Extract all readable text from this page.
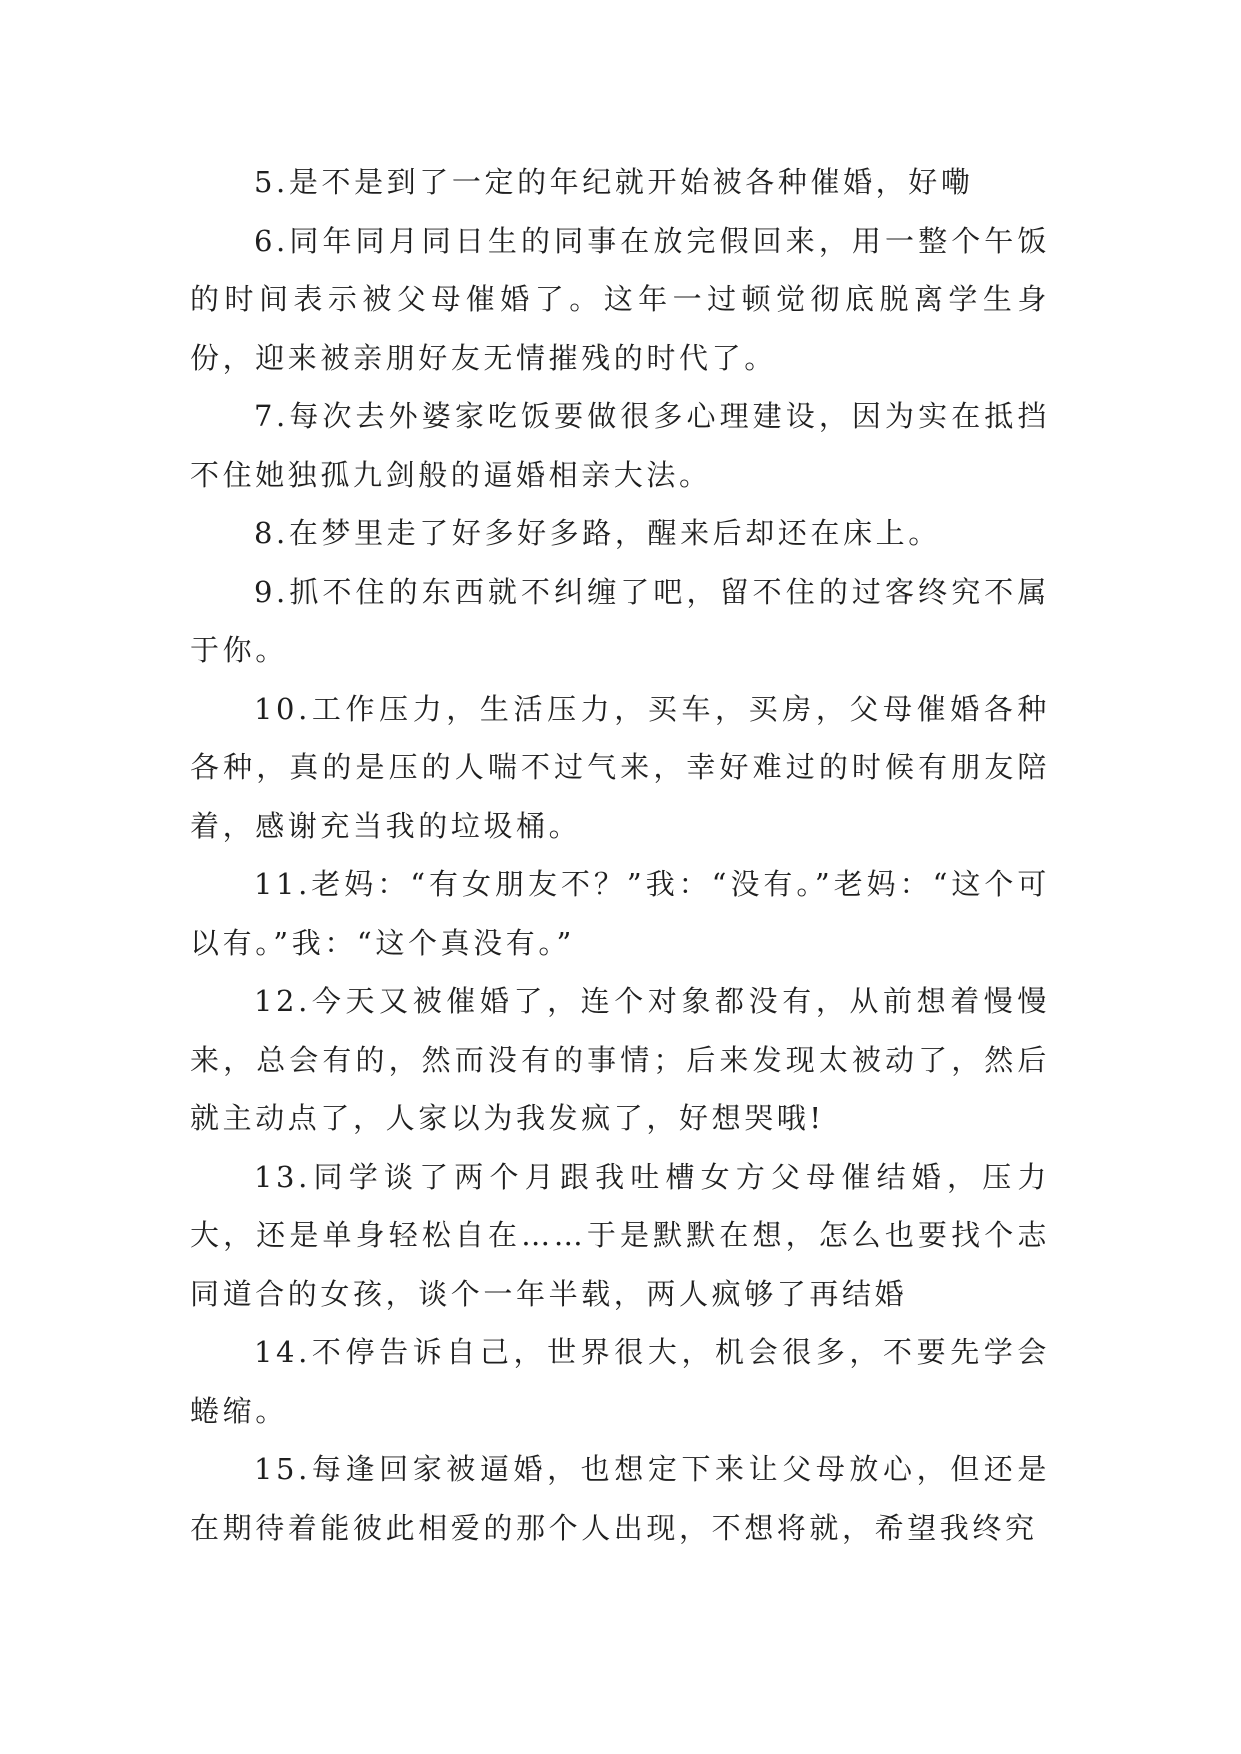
5.是不是到了一定的年纪就开始被各种催婚，好嘞

6.同年同月同日生的同事在放完假回来，用一整个午饭的时间表示被父母催婚了。这年一过顿觉彻底脱离学生身份，迎来被亲朋好友无情摧残的时代了。

7.每次去外婆家吃饭要做很多心理建设，因为实在抵挡不住她独孤九剑般的逼婚相亲大法。

8.在梦里走了好多好多路，醒来后却还在床上。

9.抓不住的东西就不纠缠了吧，留不住的过客终究不属于你。

10.工作压力，生活压力，买车，买房，父母催婚各种各种，真的是压的人喘不过气来，幸好难过的时候有朋友陪着，感谢充当我的垃圾桶。

11.老妈：“有女朋友不？”我：“没有。”老妈：“这个可以有。”我：“这个真没有。”

12.今天又被催婚了，连个对象都没有，从前想着慢慢来，总会有的，然而没有的事情；后来发现太被动了，然后就主动点了，人家以为我发疯了，好想哭哦!

13.同学谈了两个月跟我吐槽女方父母催结婚，压力大，还是单身轻松自在……于是默默在想，怎么也要找个志同道合的女孩，谈个一年半载，两人疯够了再结婚

14.不停告诉自己，世界很大，机会很多，不要先学会蜷缩。

15.每逢回家被逼婚，也想定下来让父母放心，但还是在期待着能彼此相爱的那个人出现，不想将就，希望我终究
